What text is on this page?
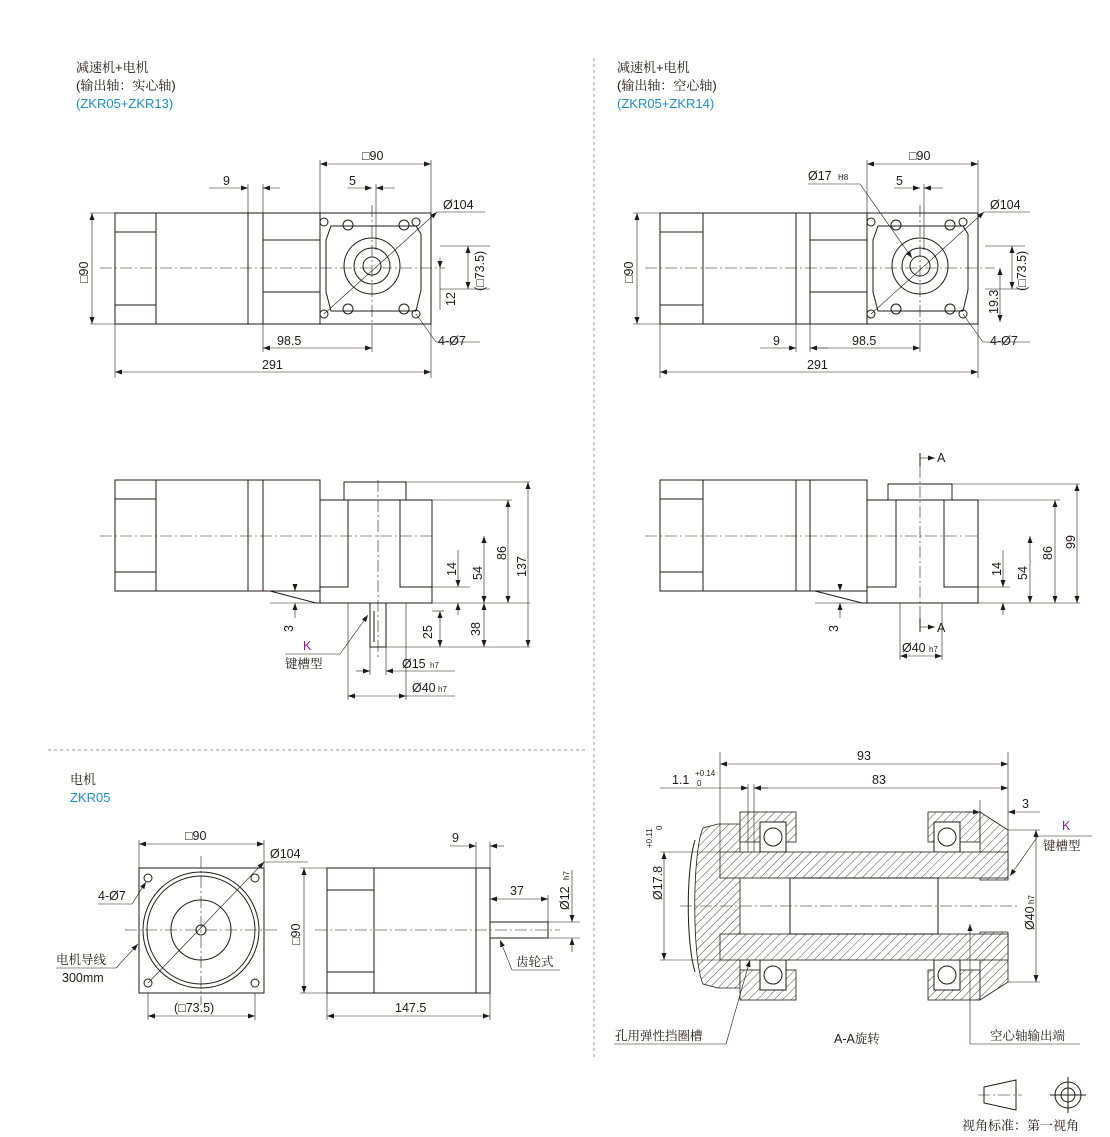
减速机+电机
(输出轴：实心轴)
(ZKR05+ZKR13)
减速机+电机
(输出轴：空心轴)
(ZKR05+ZKR14)
电机
ZKR05
□90
9	5
Ø104
□90
12
(□73.5)
98.5	4-Ø7
291
□90
Ø17 H8	5
Ø104
□90
19.3
(□73.5)
9	98.5	4-Ø7
291
14 54
86
137
25	38
3
K
键槽型	Ø15 h7
Ø40 h7
A
A
14 54
86
99
3
Ø40 h7
□90
Ø104
4-Ø7
电机导线
300mm
(□73.5)
□90
9
37	Ø12
h7
齿轮式
147.5
93
83
1.1 +0.14
0
3
Ø17.8
+0.11
0	K
键槽型
Ø40
h7
孔用弹性挡圈槽	A-A旋转	空心轴输出端
视角标准：第一视角
